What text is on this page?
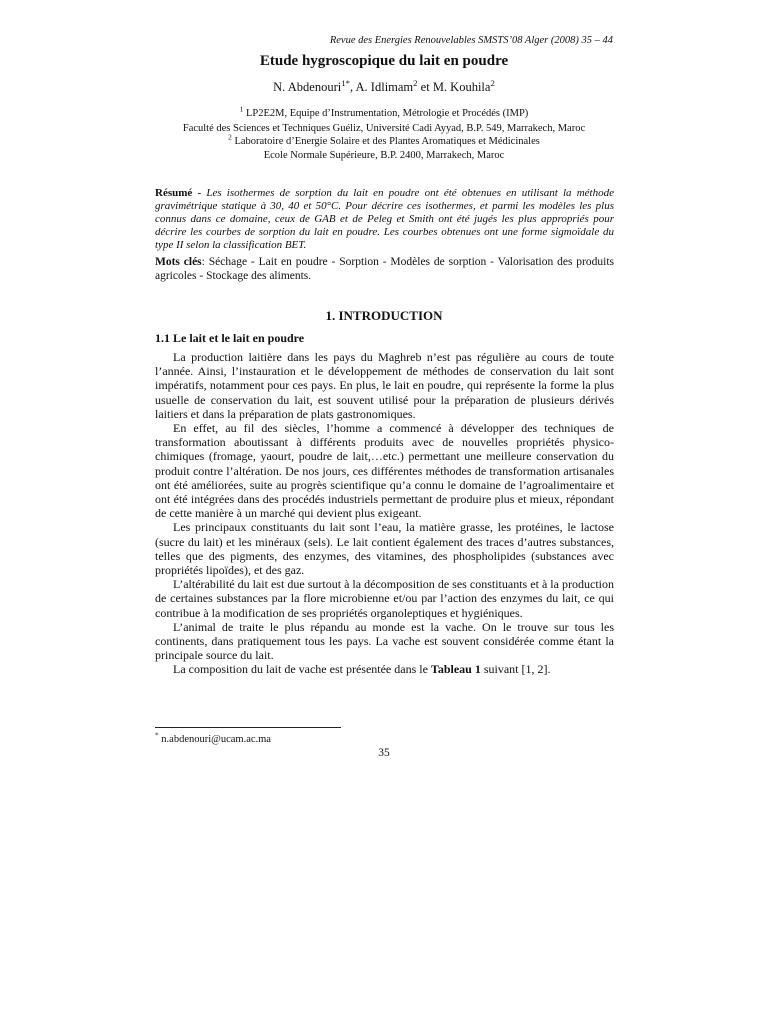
Revue des Energies Renouvelables SMSTS’08 Alger (2008) 35 – 44
Etude hygroscopique du lait en poudre
N. Abdenouri$^{1*}$, A. Idlimam$^2$ et M. Kouhila$^2$
$^1$ LP2E2M, Equipe d’Instrumentation, Métrologie et Procédés (IMP)
Faculté des Sciences et Techniques Guéliz, Université Cadi Ayyad, B.P. 549, Marrakech, Maroc
$^2$ Laboratoire d’Energie Solaire et des Plantes Aromatiques et Médicinales
Ecole Normale Supérieure, B.P. 2400, Marrakech, Maroc
Résumé - Les isothermes de sorption du lait en poudre ont été obtenues en utilisant la méthode gravimétrique statique à 30, 40 et 50°C. Pour décrire ces isothermes, et parmi les modèles les plus connus dans ce domaine, ceux de GAB et de Peleg et Smith ont été jugés les plus appropriés pour décrire les courbes de sorption du lait en poudre. Les courbes obtenues ont une forme sigmoïdale du type II selon la classification BET.
Mots clés: Séchage - Lait en poudre - Sorption - Modèles de sorption - Valorisation des produits agricoles - Stockage des aliments.
1. INTRODUCTION
1.1 Le lait et le lait en poudre

La production laitière dans les pays du Maghreb n’est pas régulière au cours de toute l’année. Ainsi, l’instauration et le développement de méthodes de conservation du lait sont impératifs, notamment pour ces pays. En plus, le lait en poudre, qui représente la forme la plus usuelle de conservation du lait, est souvent utilisé pour la préparation de plusieurs dérivés laitiers et dans la préparation de plats gastronomiques.

En effet, au fil des siècles, l’homme a commencé à développer des techniques de transformation aboutissant à différents produits avec de nouvelles propriétés physico-chimiques (fromage, yaourt, poudre de lait,…etc.) permettant une meilleure conservation du produit contre l’altération. De nos jours, ces différentes méthodes de transformation artisanales ont été améliorées, suite au progrès scientifique qu’a connu le domaine de l’agroalimentaire et ont été intégrées dans des procédés industriels permettant de produire plus et mieux, répondant de cette manière à un marché qui devient plus exigeant.

Les principaux constituants du lait sont l’eau, la matière grasse, les protéines, le lactose (sucre du lait) et les minéraux (sels). Le lait contient également des traces d’autres substances, telles que des pigments, des enzymes, des vitamines, des phospholipides (substances avec propriétés lipoïdes), et des gaz.

L’altérabilité du lait est due surtout à la décomposition de ses constituants et à la production de certaines substances par la flore microbienne et/ou par l’action des enzymes du lait, ce qui contribue à la modification de ses propriétés organoleptiques et hygiéniques.

L’animal de traite le plus répandu au monde est la vache. On le trouve sur tous les continents, dans pratiquement tous les pays. La vache est souvent considérée comme étant la principale source du lait.

La composition du lait de vache est présentée dans le Tableau 1 suivant [1, 2].

* n.abdenouri@ucam.ac.ma
35
